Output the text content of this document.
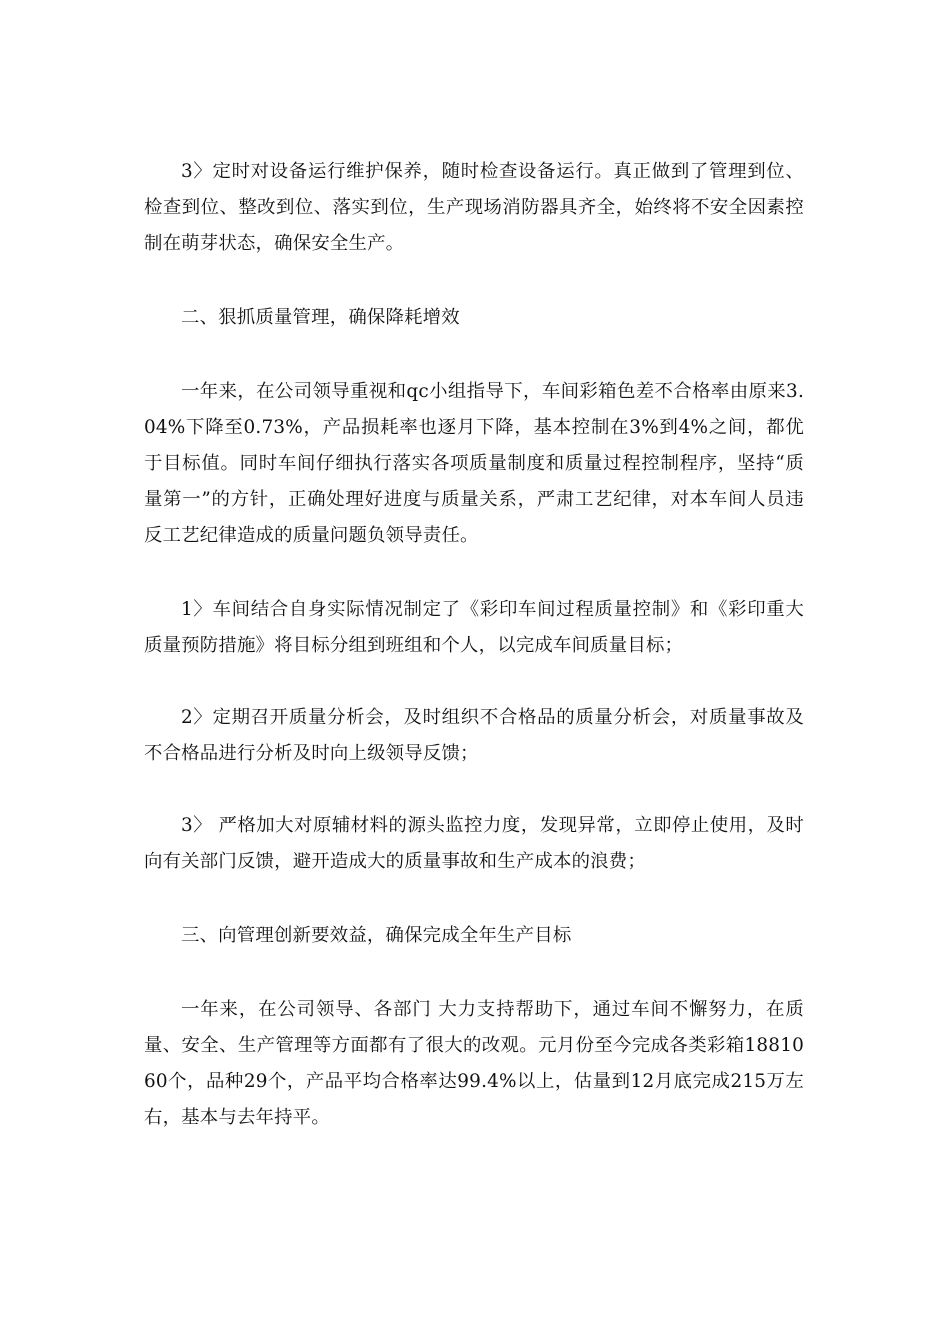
3〉定时对设备运行维护保养，随时检查设备运行。真正做到了管理到位、检查到位、整改到位、落实到位，生产现场消防器具齐全，始终将不安全因素控制在萌芽状态，确保安全生产。

二、狠抓质量管理，确保降耗增效

一年来，在公司领导重视和qc小组指导下，车间彩箱色差不合格率由原来3.04%下降至0.73%，产品损耗率也逐月下降，基本控制在3%到4%之间，都优于目标值。同时车间仔细执行落实各项质量制度和质量过程控制程序，坚持“质量第一”的方针，正确处理好进度与质量关系，严肃工艺纪律，对本车间人员违反工艺纪律造成的质量问题负领导责任。

1〉车间结合自身实际情况制定了《彩印车间过程质量控制》和《彩印重大质量预防措施》将目标分组到班组和个人，以完成车间质量目标；

2〉定期召开质量分析会，及时组织不合格品的质量分析会，对质量事故及不合格品进行分析及时向上级领导反馈；

3〉 严格加大对原辅材料的源头监控力度，发现异常，立即停止使用，及时向有关部门反馈，避开造成大的质量事故和生产成本的浪费；

三、向管理创新要效益，确保完成全年生产目标

一年来，在公司领导、各部门 大力支持帮助下，通过车间不懈努力，在质量、安全、生产管理等方面都有了很大的改观。元月份至今完成各类彩箱1881060个，品种29个，产品平均合格率达99.4%以上，估量到12月底完成215万左右，基本与去年持平。
